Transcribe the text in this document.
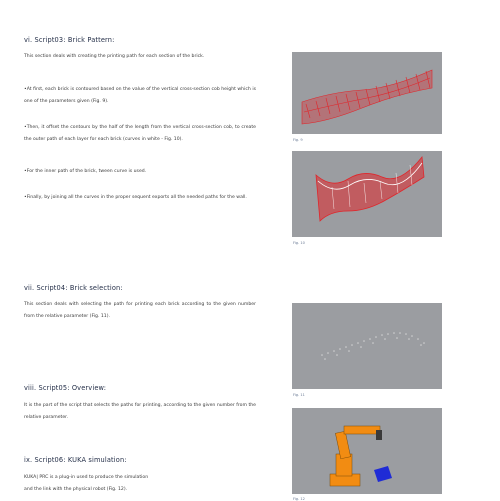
vi. Script03: Brick Pattern:

This section deals with creating the printing path for each section of the brick.

•At first, each brick is contoured based on the value of the vertical cross-section cob height which is one of the parameters given (Fig. 9).

•Then, it offset the contours by the half of the length from the vertical cross-section cob, to create the outer path of each layer for each brick (curves in white - Fig. 10).

•For the inner path of the brick, tween curve is used.

•Finally, by joining all the curves in the proper sequent exports all the needed paths for the wall.

vii. Script04: Brick selection:

This section deals with selecting the path for printing each brick according to the given number from the relative parameter (Fig. 11).

viii. Script05: Overview:

It is the part of the script that selects the paths for printing, according to the given number from the relative parameter.

ix. Script06: KUKA simulation:

KUKA| PRC is a plug-in used to produce the simulation

and the link with the physical robot (Fig. 12).

Fig. 9
Fig. 10
Fig. 11
Fig. 12
